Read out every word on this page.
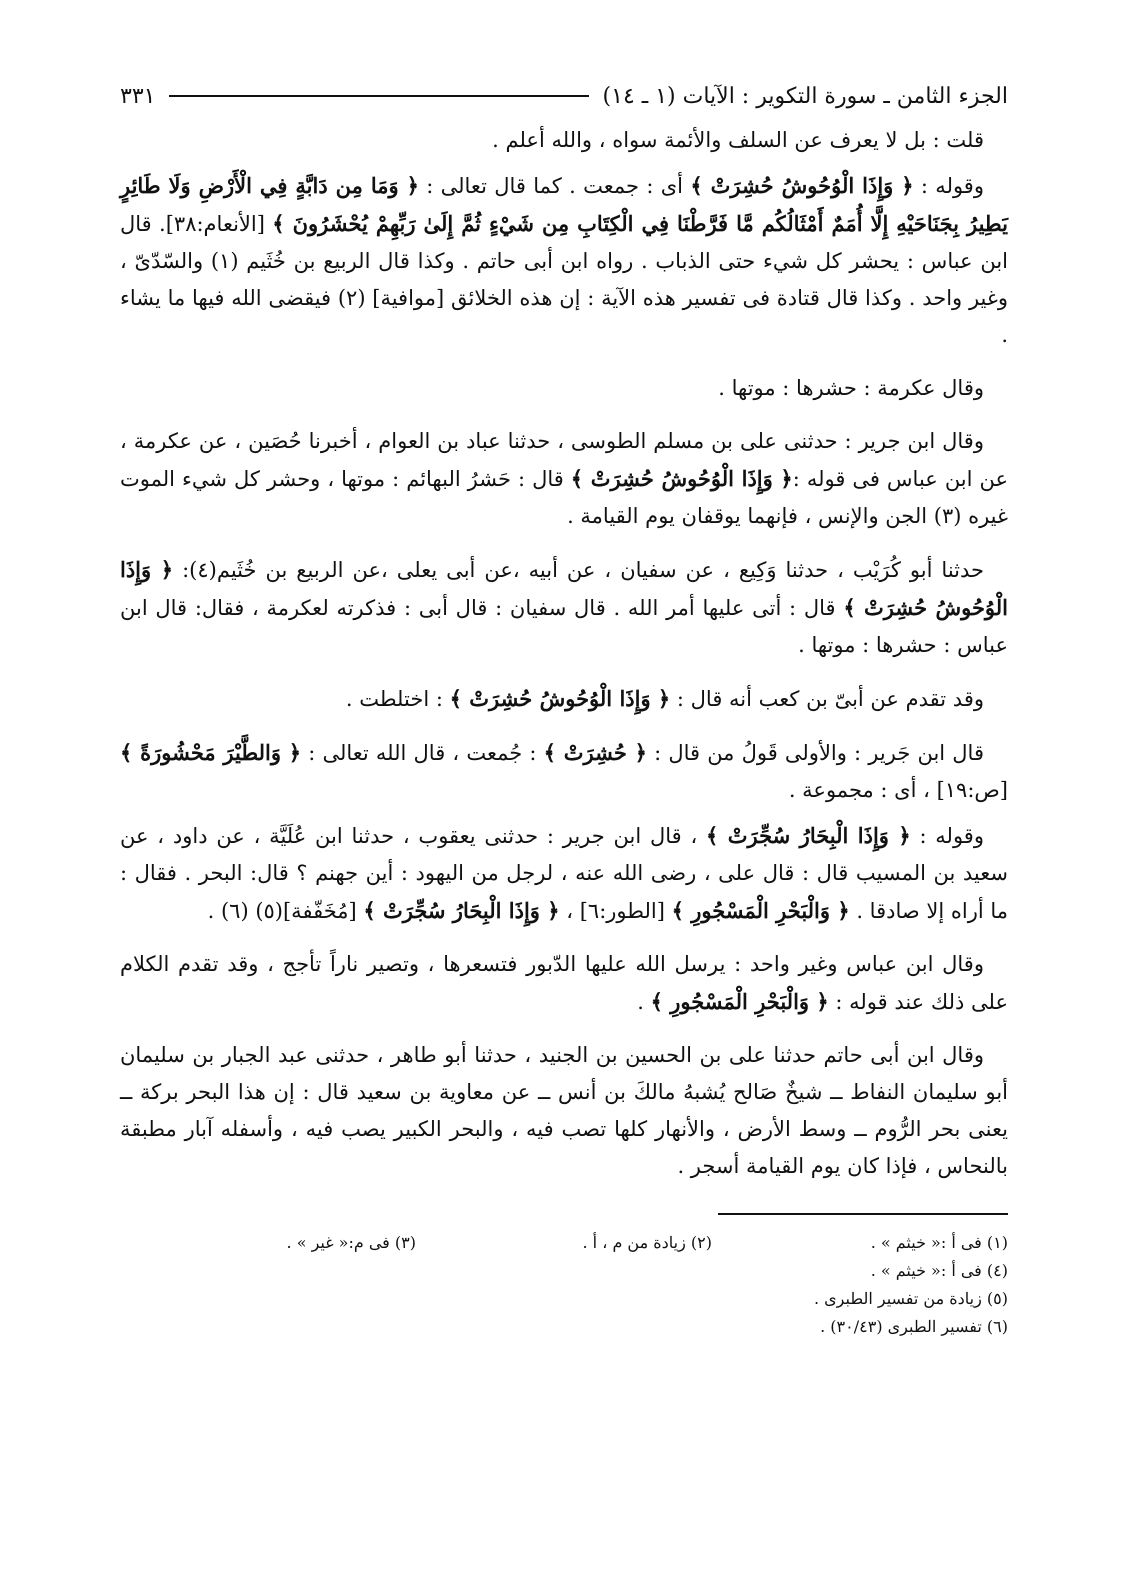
الجزء الثامن ـ سورة التكوير : الآيات (١ ـ ١٤)
٣٣١

قلت : بل لا يعرف عن السلف والأئمة سواه ، والله أعلم .

وقوله : ﴿ وَإِذَا الْوُحُوشُ حُشِرَتْ ﴾ أى : جمعت . كما قال تعالى : ﴿ وَمَا مِن دَابَّةٍ فِي الْأَرْضِ وَلَا طَائِرٍ يَطِيرُ بِجَنَاحَيْهِ إِلَّا أُمَمٌ أَمْثَالُكُم مَّا فَرَّطْنَا فِي الْكِتَابِ مِن شَيْءٍ ثُمَّ إِلَىٰ رَبِّهِمْ يُحْشَرُونَ ﴾ [الأنعام:٣٨]. قال ابن عباس : يحشر كل شيء حتى الذباب . رواه ابن أبى حاتم . وكذا قال الربيع بن خُثَيم (١) والسّدّىّ ، وغير واحد . وكذا قال قتادة فى تفسير هذه الآية : إن هذه الخلائق [موافية] (٢) فيقضى الله فيها ما يشاء .

وقال عكرمة : حشرها : موتها .

وقال ابن جرير : حدثنى على بن مسلم الطوسى ، حدثنا عباد بن العوام ، أخبرنا حُصَين ، عن عكرمة ، عن ابن عباس فى قوله :﴿ وَإِذَا الْوُحُوشُ حُشِرَتْ ﴾ قال : حَشرُ البهائم : موتها ، وحشر كل شيء الموت غيره (٣) الجن والإنس ، فإنهما يوقفان يوم القيامة .

حدثنا أبو كُرَيْب ، حدثنا وَكِيع ، عن سفيان ، عن أبيه ،عن أبى يعلى ،عن الربيع بن خُثَيم(٤): ﴿ وَإِذَا الْوُحُوشُ حُشِرَتْ ﴾ قال : أتى عليها أمر الله . قال سفيان : قال أبى : فذكرته لعكرمة ، فقال: قال ابن عباس : حشرها : موتها .

وقد تقدم عن أبىّ بن كعب أنه قال : ﴿ وَإِذَا الْوُحُوشُ حُشِرَتْ ﴾ : اختلطت .

قال ابن جَرير : والأولى قَولُ من قال : ﴿ حُشِرَتْ ﴾ : جُمعت ، قال الله تعالى : ﴿ وَالطَّيْرَ مَحْشُورَةً ﴾ [ص:١٩] ، أى : مجموعة .

وقوله : ﴿ وَإِذَا الْبِحَارُ سُجِّرَتْ ﴾ ، قال ابن جرير : حدثنى يعقوب ، حدثنا ابن عُلَيَّة ، عن داود ، عن سعيد بن المسيب قال : قال على ، رضى الله عنه ، لرجل من اليهود : أين جهنم ؟ قال: البحر . فقال : ما أراه إلا صادقا . ﴿ وَالْبَحْرِ الْمَسْجُورِ ﴾ [الطور:٦] ، ﴿ وَإِذَا الْبِحَارُ سُجِّرَتْ ﴾ [مُخَفّفة](٥) (٦) .

وقال ابن عباس وغير واحد : يرسل الله عليها الدّبور فتسعرها ، وتصير ناراً تأجج ، وقد تقدم الكلام على ذلك عند قوله : ﴿ وَالْبَحْرِ الْمَسْجُورِ ﴾ .

وقال ابن أبى حاتم حدثنا على بن الحسين بن الجنيد ، حدثنا أبو طاهر ، حدثنى عبد الجبار بن سليمان أبو سليمان النفاط ــ شيخٌ صَالح يُشبهُ مالكَ بن أنس ــ عن معاوية بن سعيد قال : إن هذا البحر بركة ــ يعنى بحر الرُّوم ــ وسط الأرض ، والأنهار كلها تصب فيه ، والبحر الكبير يصب فيه ، وأسفله آبار مطبقة بالنحاس ، فإذا كان يوم القيامة أسجر .

(١) فى أ :« خيثم » .
(٢) زيادة من م ، أ .
(٣) فى م:« غير » .
(٤) فى أ :« خيثم » .
(٥) زيادة من تفسير الطبرى .
(٦) تفسير الطبرى (٣٠/٤٣) .
